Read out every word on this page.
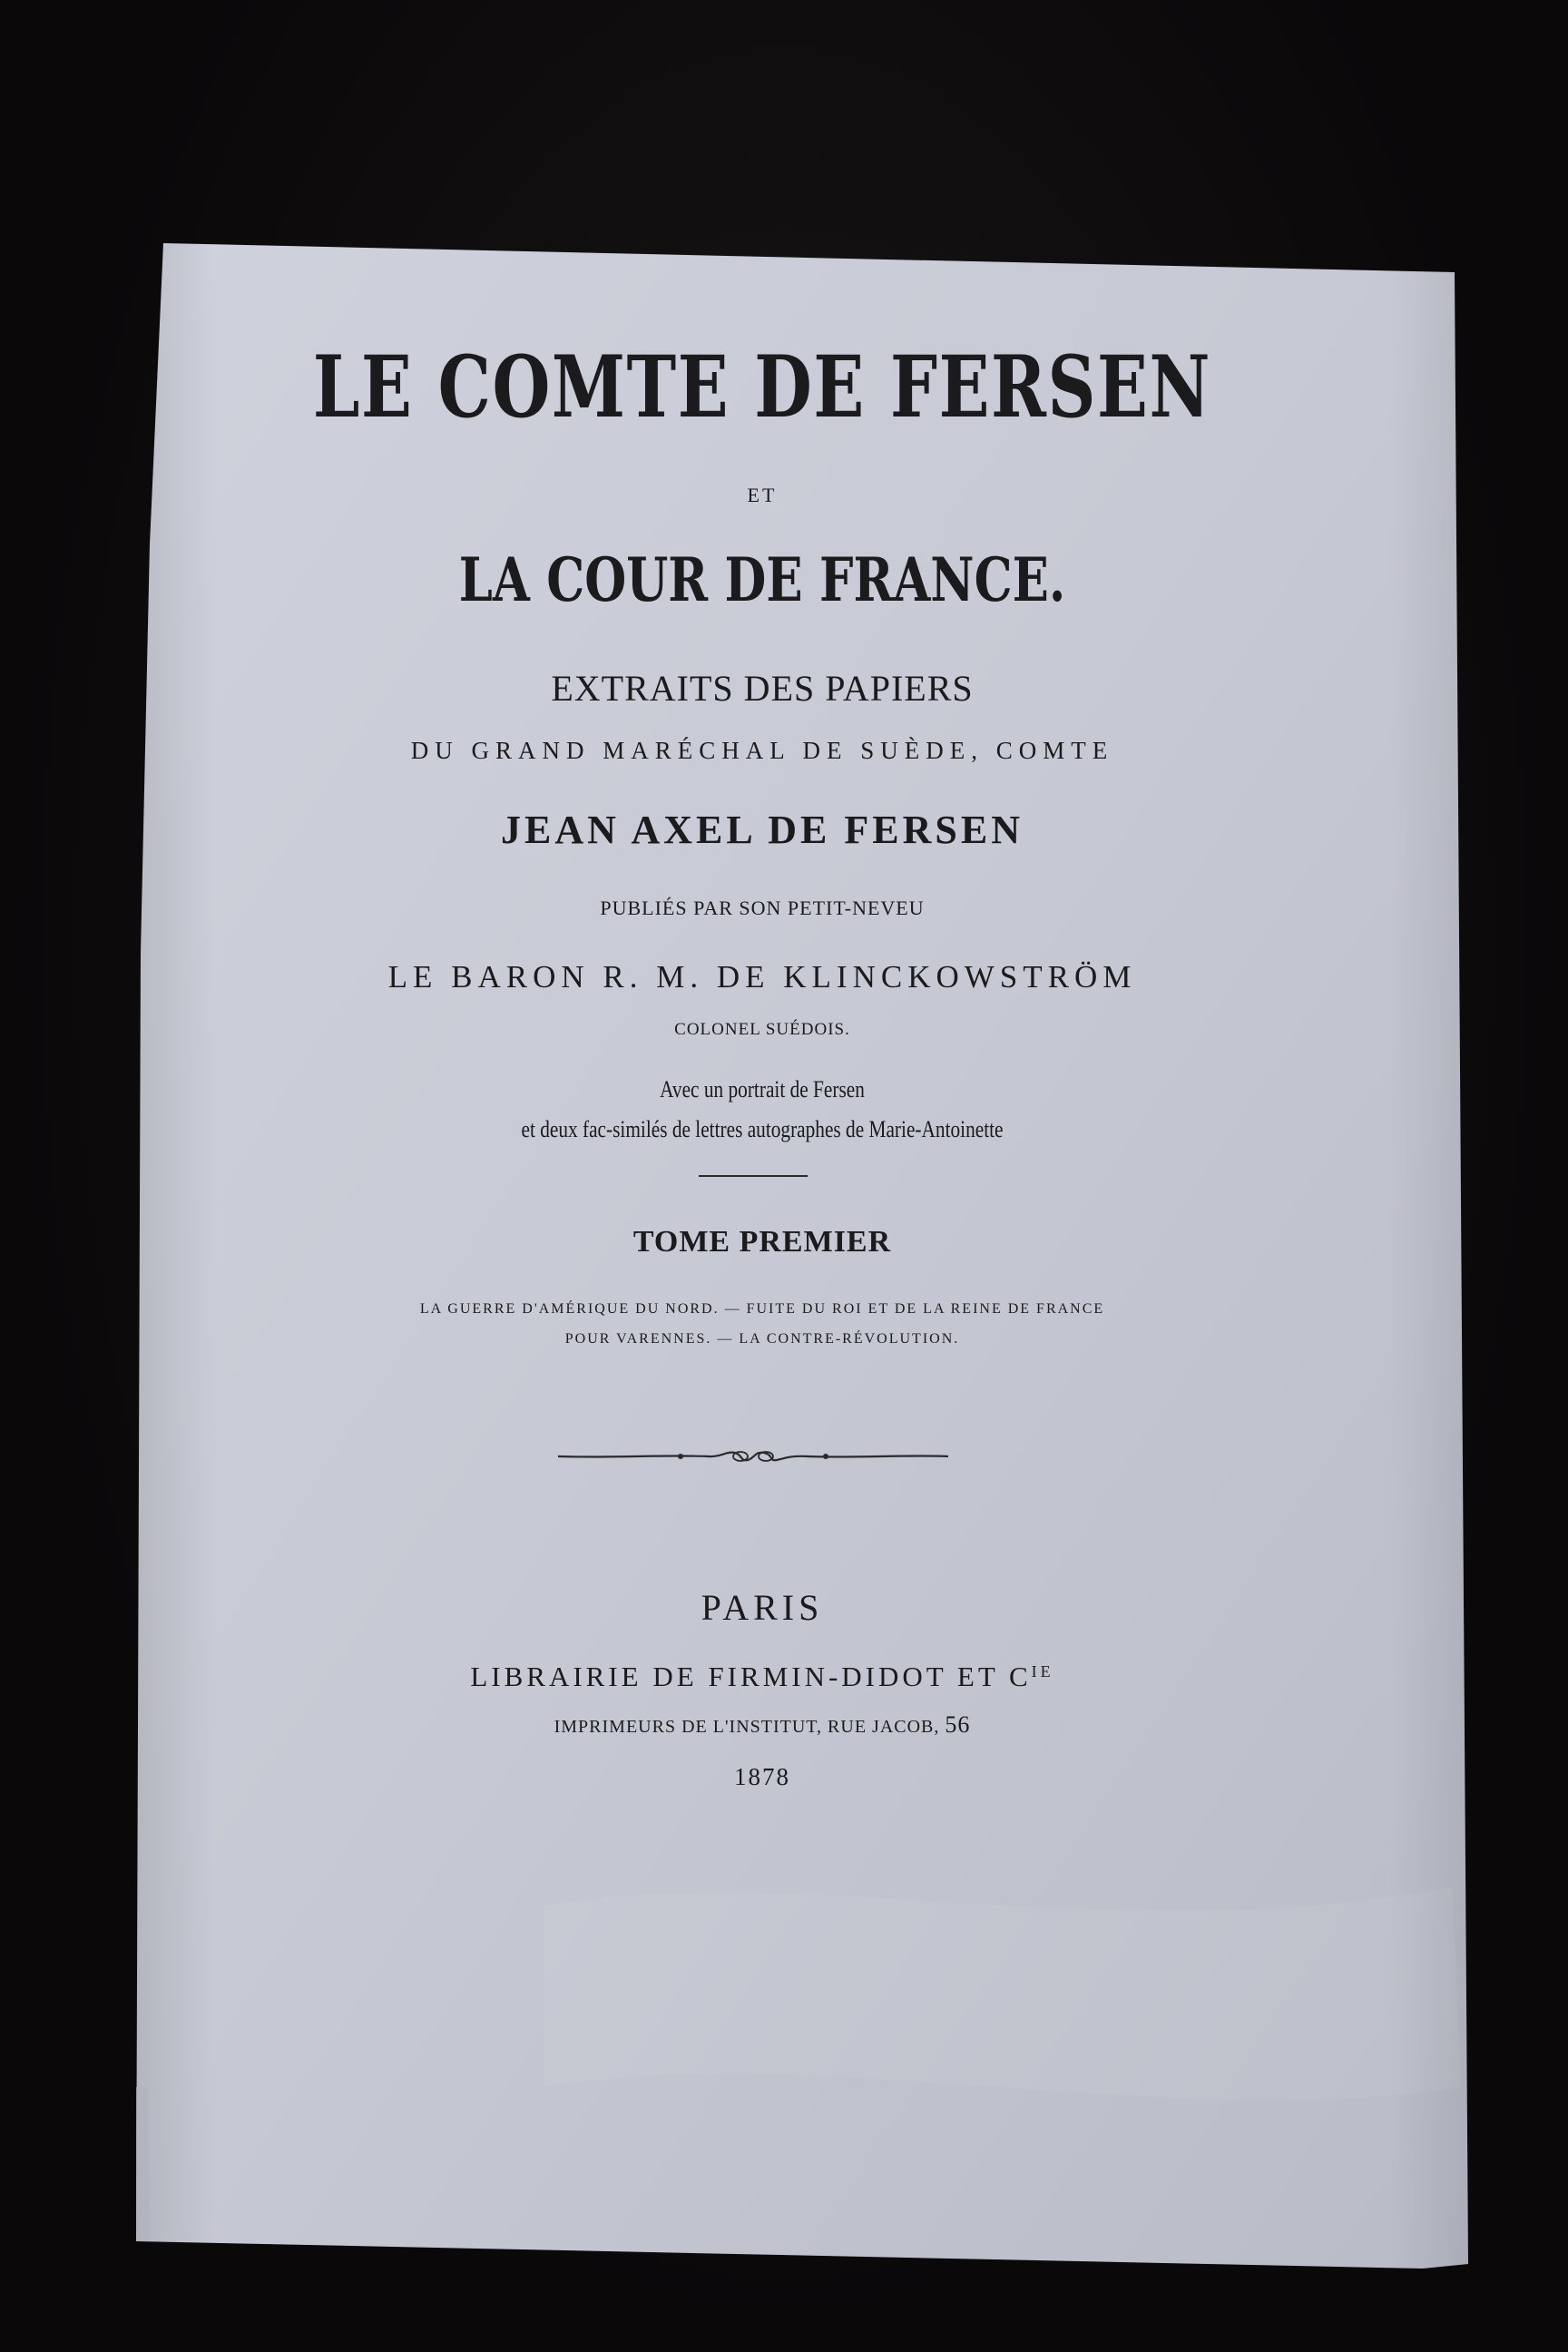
LE COMTE DE FERSEN
ET
LA COUR DE FRANCE.
EXTRAITS DES PAPIERS
DU GRAND MARÉCHAL DE SUÈDE, COMTE
JEAN AXEL DE FERSEN
PUBLIÉS PAR SON PETIT-NEVEU
LE BARON R. M. DE KLINCKOWSTRÖM
COLONEL SUÉDOIS.
Avec un portrait de Fersen
et deux fac-similés de lettres autographes de Marie-Antoinette
TOME PREMIER
LA GUERRE D'AMÉRIQUE DU NORD. — FUITE DU ROI ET DE LA REINE DE FRANCE
POUR VARENNES. — LA CONTRE-RÉVOLUTION.
PARIS
LIBRAIRIE DE FIRMIN-DIDOT ET $C^{IE}$
IMPRIMEURS DE L'INSTITUT, RUE JACOB, 56
1878
